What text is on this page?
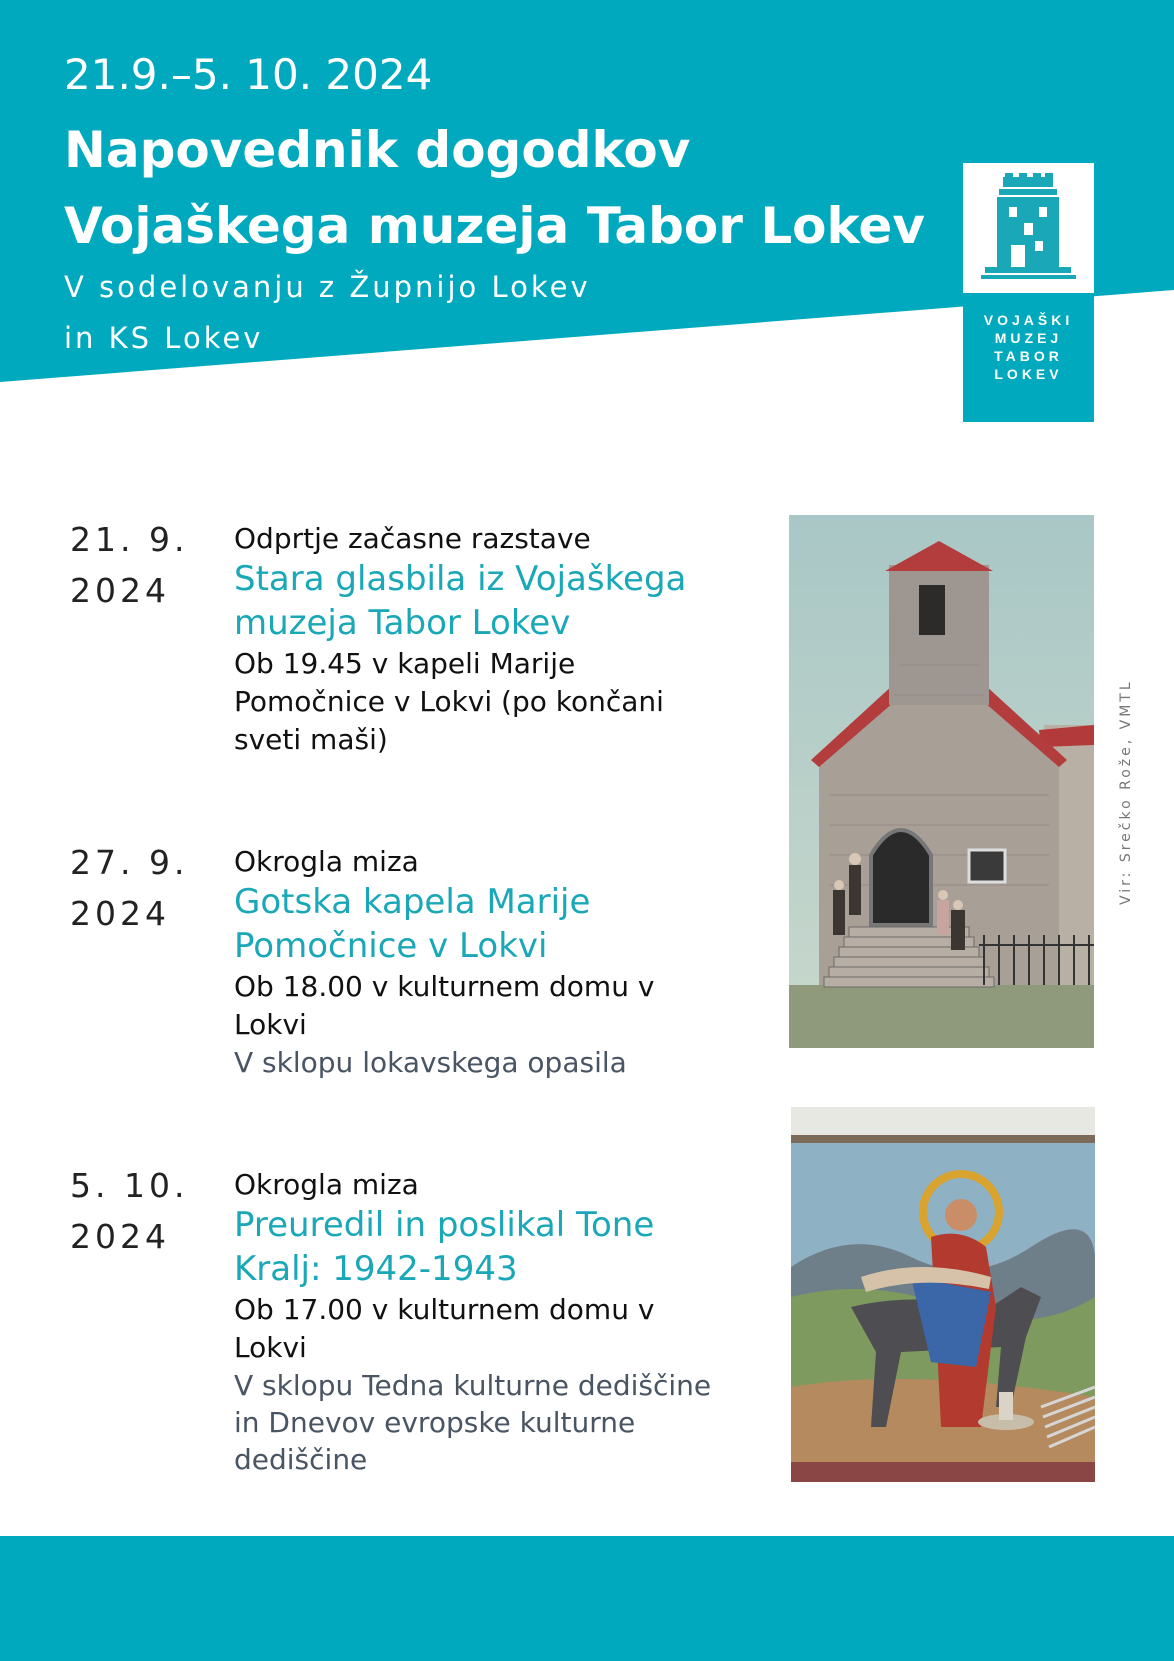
21.9.–5. 10. 2024
Napovednik dogodkov
Vojaškega muzeja Tabor Lokev
V sodelovanju z Župnijo Lokev
in KS Lokev
VOJAŠKI
MUZEJ
TABOR
LOKEV
21. 9.
2024
Odprtje začasne razstave
Stara glasbila iz Vojaškega
muzeja Tabor Lokev
Ob 19.45 v kapeli Marije
Pomočnice v Lokvi (po končani
sveti maši)
27. 9.
2024
Okrogla miza
Gotska kapela Marije
Pomočnice v Lokvi
Ob 18.00 v kulturnem domu v
Lokvi
V sklopu lokavskega opasila
5. 10.
2024
Okrogla miza
Preuredil in poslikal Tone
Kralj: 1942-1943
Ob 17.00 v kulturnem domu v
Lokvi
V sklopu Tedna kulturne dediščine
in Dnevov evropske kulturne
dediščine
Vir: Srečko Rože, VMTL
